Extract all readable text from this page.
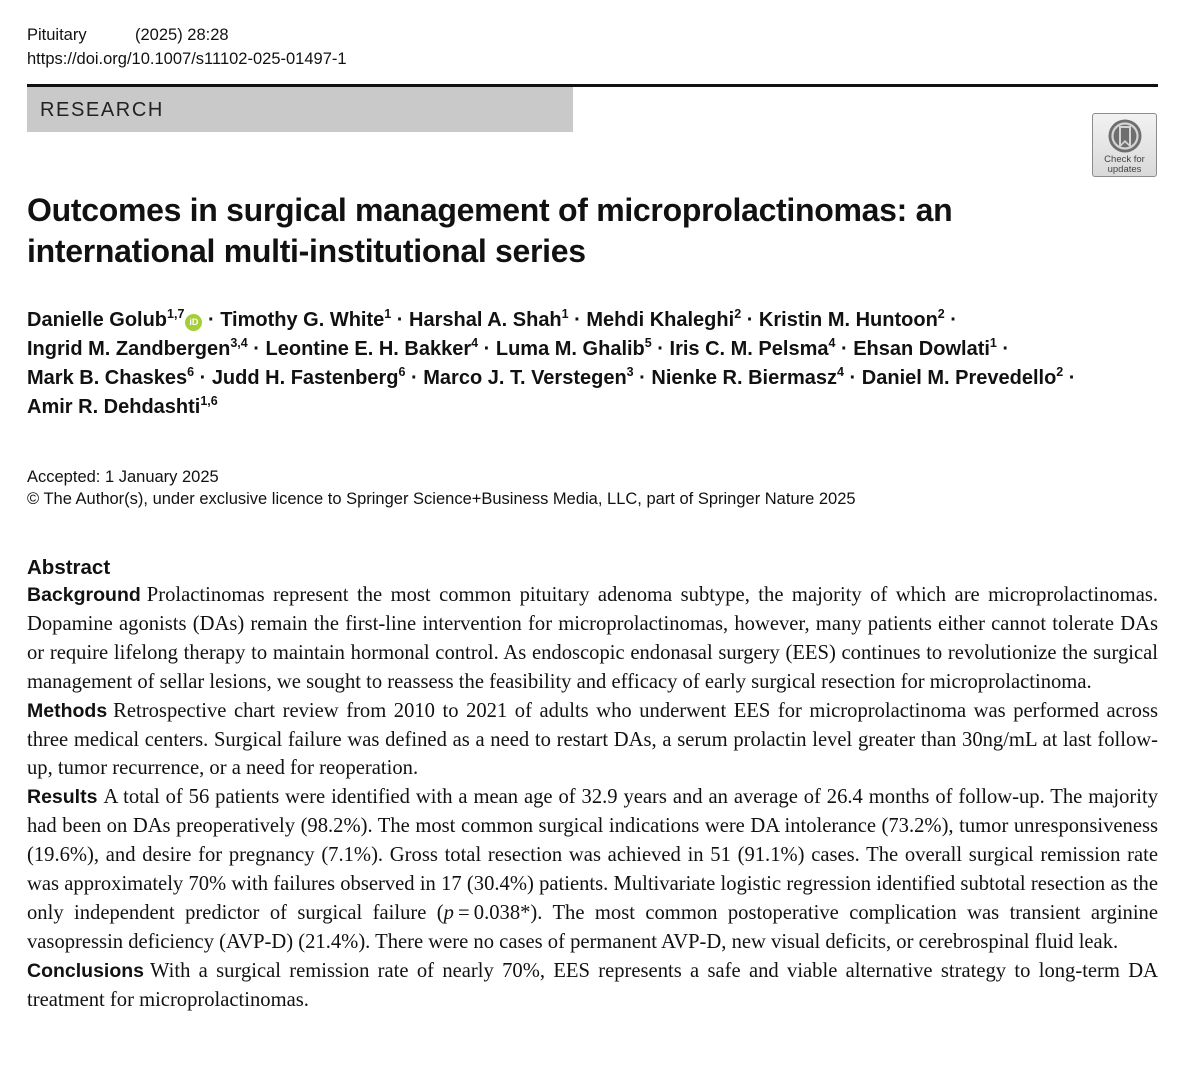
Pituitary	(2025) 28:28
https://doi.org/10.1007/s11102-025-01497-1
RESEARCH
Check for
updates
Outcomes in surgical management of microprolactinomas: an
international multi-institutional series
Danielle Golub$^{1,7}$iD · Timothy G. White$^1$ · Harshal A. Shah$^1$ · Mehdi Khaleghi$^2$ · Kristin M. Huntoon$^2$ ·
Ingrid M. Zandbergen$^{3,4}$ · Leontine E. H. Bakker$^4$ · Luma M. Ghalib$^5$ · Iris C. M. Pelsma$^4$ · Ehsan Dowlati$^1$ ·
Mark B. Chaskes$^6$ · Judd H. Fastenberg$^6$ · Marco J. T. Verstegen$^3$ · Nienke R. Biermasz$^4$ · Daniel M. Prevedello$^2$ ·
Amir R. Dehdashti$^{1,6}$
Accepted: 1 January 2025
© The Author(s), under exclusive licence to Springer Science+Business Media, LLC, part of Springer Nature 2025
Abstract

Background Prolactinomas represent the most common pituitary adenoma subtype, the majority of which are microprolactinomas. Dopamine agonists (DAs) remain the first-line intervention for microprolactinomas, however, many patients either cannot tolerate DAs or require lifelong therapy to maintain hormonal control. As endoscopic endonasal surgery (EES) continues to revolutionize the surgical management of sellar lesions, we sought to reassess the feasibility and efficacy of early surgical resection for microprolactinoma.

Methods Retrospective chart review from 2010 to 2021 of adults who underwent EES for microprolactinoma was performed across three medical centers. Surgical failure was defined as a need to restart DAs, a serum prolactin level greater than 30ng/mL at last follow-up, tumor recurrence, or a need for reoperation.

Results A total of 56 patients were identified with a mean age of 32.9 years and an average of 26.4 months of follow-up. The majority had been on DAs preoperatively (98.2%). The most common surgical indications were DA intolerance (73.2%), tumor unresponsiveness (19.6%), and desire for pregnancy (7.1%). Gross total resection was achieved in 51 (91.1%) cases. The overall surgical remission rate was approximately 70% with failures observed in 17 (30.4%) patients. Multivariate logistic regression identified subtotal resection as the only independent predictor of surgical failure (p = 0.038*). The most common postoperative complication was transient arginine vasopressin deficiency (AVP-D) (21.4%). There were no cases of permanent AVP-D, new visual deficits, or cerebrospinal fluid leak.

Conclusions With a surgical remission rate of nearly 70%, EES represents a safe and viable alternative strategy to long-term DA treatment for microprolactinomas.
